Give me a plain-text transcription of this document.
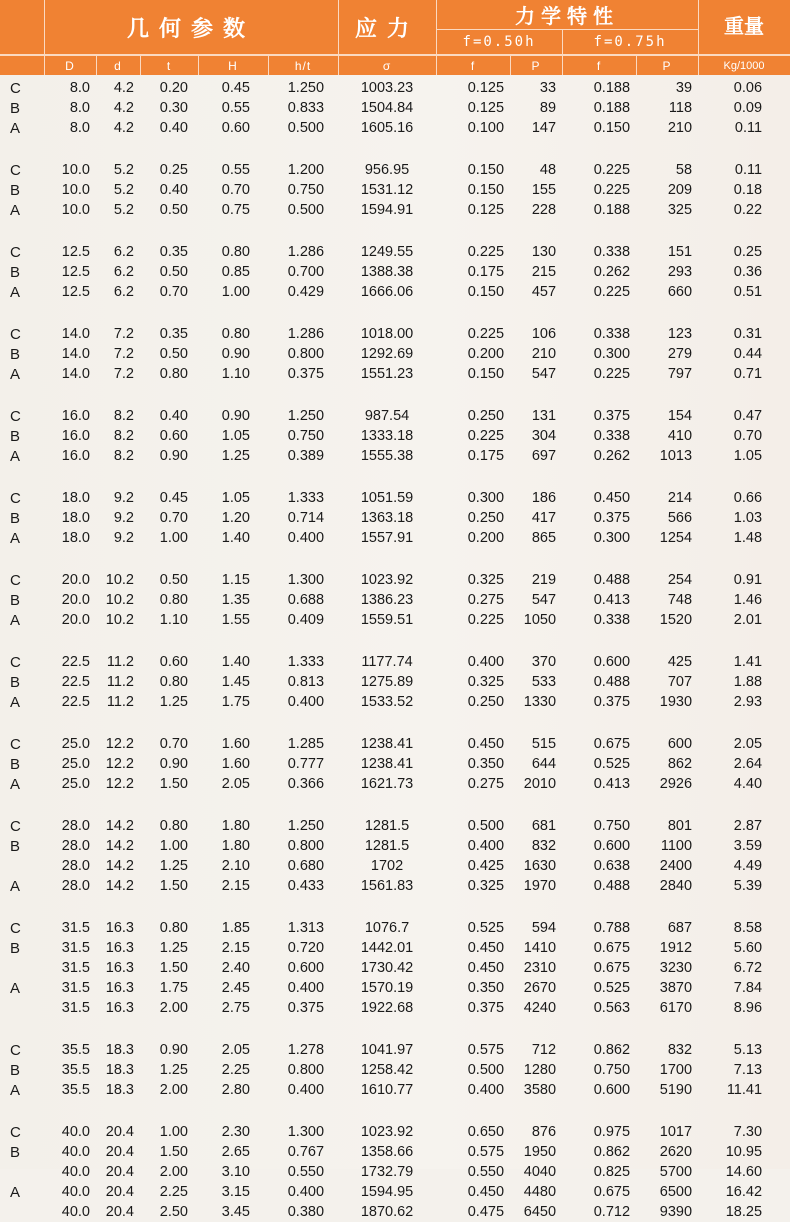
	几何参数					应力	力学特性				重量
							f=0.50h		f=0.75h		
	D	d	t	H	h/t	σ	f	P	f	P	Kg/1000

C	8.0	4.2	0.20	0.45	1.250	1003.23	0.125	33	0.188	39	0.06
B	8.0	4.2	0.30	0.55	0.833	1504.84	0.125	89	0.188	118	0.09
A	8.0	4.2	0.40	0.60	0.500	1605.16	0.100	147	0.150	210	0.11

C	10.0	5.2	0.25	0.55	1.200	956.95	0.150	48	0.225	58	0.11
B	10.0	5.2	0.40	0.70	0.750	1531.12	0.150	155	0.225	209	0.18
A	10.0	5.2	0.50	0.75	0.500	1594.91	0.125	228	0.188	325	0.22

C	12.5	6.2	0.35	0.80	1.286	1249.55	0.225	130	0.338	151	0.25
B	12.5	6.2	0.50	0.85	0.700	1388.38	0.175	215	0.262	293	0.36
A	12.5	6.2	0.70	1.00	0.429	1666.06	0.150	457	0.225	660	0.51

C	14.0	7.2	0.35	0.80	1.286	1018.00	0.225	106	0.338	123	0.31
B	14.0	7.2	0.50	0.90	0.800	1292.69	0.200	210	0.300	279	0.44
A	14.0	7.2	0.80	1.10	0.375	1551.23	0.150	547	0.225	797	0.71

C	16.0	8.2	0.40	0.90	1.250	987.54	0.250	131	0.375	154	0.47
B	16.0	8.2	0.60	1.05	0.750	1333.18	0.225	304	0.338	410	0.70
A	16.0	8.2	0.90	1.25	0.389	1555.38	0.175	697	0.262	1013	1.05

C	18.0	9.2	0.45	1.05	1.333	1051.59	0.300	186	0.450	214	0.66
B	18.0	9.2	0.70	1.20	0.714	1363.18	0.250	417	0.375	566	1.03
A	18.0	9.2	1.00	1.40	0.400	1557.91	0.200	865	0.300	1254	1.48

C	20.0	10.2	0.50	1.15	1.300	1023.92	0.325	219	0.488	254	0.91
B	20.0	10.2	0.80	1.35	0.688	1386.23	0.275	547	0.413	748	1.46
A	20.0	10.2	1.10	1.55	0.409	1559.51	0.225	1050	0.338	1520	2.01

C	22.5	11.2	0.60	1.40	1.333	1177.74	0.400	370	0.600	425	1.41
B	22.5	11.2	0.80	1.45	0.813	1275.89	0.325	533	0.488	707	1.88
A	22.5	11.2	1.25	1.75	0.400	1533.52	0.250	1330	0.375	1930	2.93

C	25.0	12.2	0.70	1.60	1.285	1238.41	0.450	515	0.675	600	2.05
B	25.0	12.2	0.90	1.60	0.777	1238.41	0.350	644	0.525	862	2.64
A	25.0	12.2	1.50	2.05	0.366	1621.73	0.275	2010	0.413	2926	4.40

C	28.0	14.2	0.80	1.80	1.250	1281.5	0.500	681	0.750	801	2.87
B	28.0	14.2	1.00	1.80	0.800	1281.5	0.400	832	0.600	1100	3.59
	28.0	14.2	1.25	2.10	0.680	1702	0.425	1630	0.638	2400	4.49
A	28.0	14.2	1.50	2.15	0.433	1561.83	0.325	1970	0.488	2840	5.39

C	31.5	16.3	0.80	1.85	1.313	1076.7	0.525	594	0.788	687	8.58
B	31.5	16.3	1.25	2.15	0.720	1442.01	0.450	1410	0.675	1912	5.60
	31.5	16.3	1.50	2.40	0.600	1730.42	0.450	2310	0.675	3230	6.72
A	31.5	16.3	1.75	2.45	0.400	1570.19	0.350	2670	0.525	3870	7.84
	31.5	16.3	2.00	2.75	0.375	1922.68	0.375	4240	0.563	6170	8.96

C	35.5	18.3	0.90	2.05	1.278	1041.97	0.575	712	0.862	832	5.13
B	35.5	18.3	1.25	2.25	0.800	1258.42	0.500	1280	0.750	1700	7.13
A	35.5	18.3	2.00	2.80	0.400	1610.77	0.400	3580	0.600	5190	11.41

C	40.0	20.4	1.00	2.30	1.300	1023.92	0.650	876	0.975	1017	7.30
B	40.0	20.4	1.50	2.65	0.767	1358.66	0.575	1950	0.862	2620	10.95
	40.0	20.4	2.00	3.10	0.550	1732.79	0.550	4040	0.825	5700	14.60
A	40.0	20.4	2.25	3.15	0.400	1594.95	0.450	4480	0.675	6500	16.42
	40.0	20.4	2.50	3.45	0.380	1870.62	0.475	6450	0.712	9390	18.25
